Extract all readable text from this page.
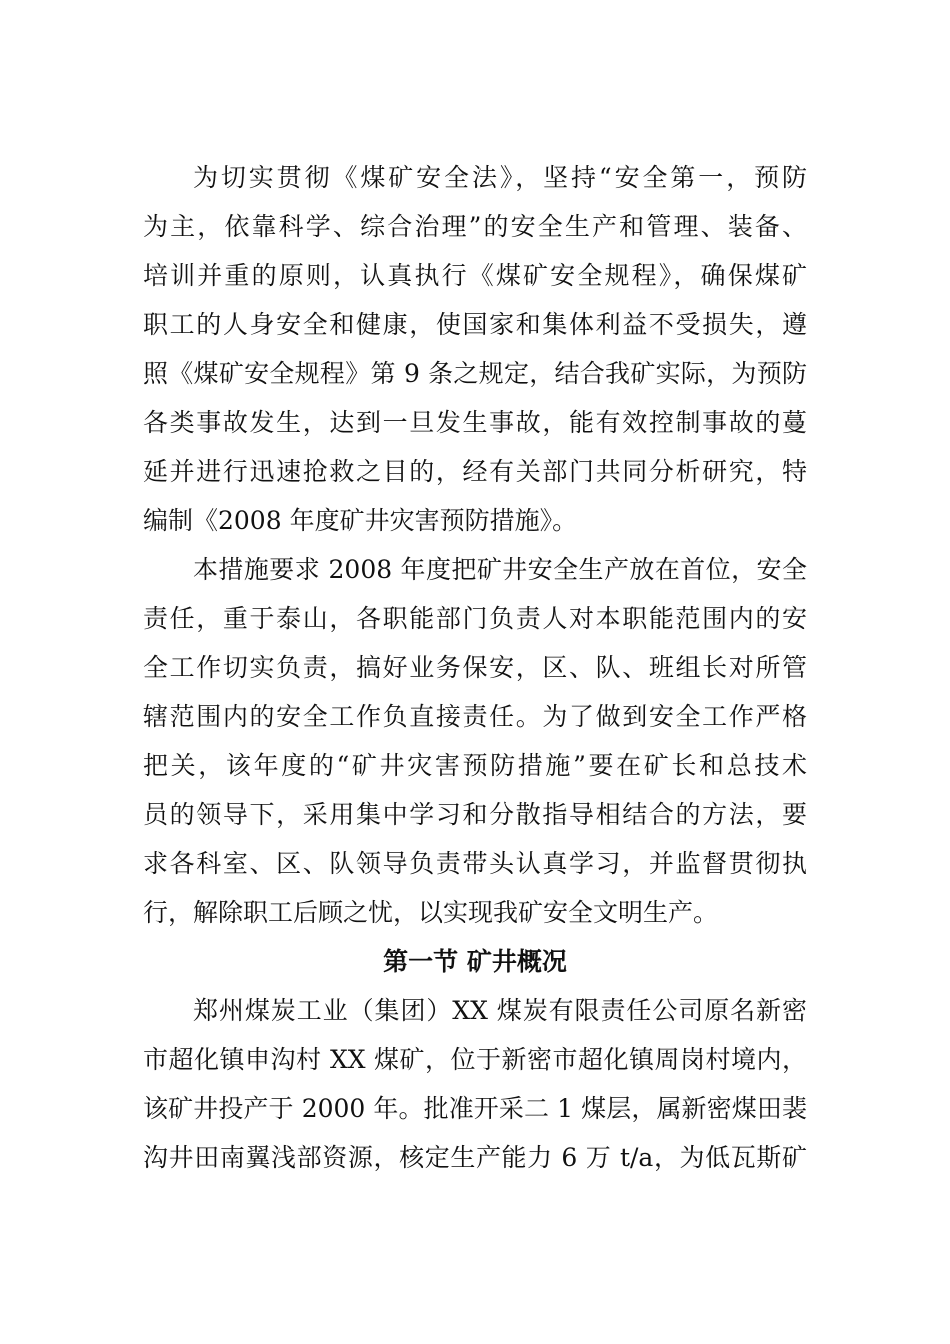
为切实贯彻《煤矿安全法》，坚持“安全第一，预防
为主，依靠科学、综合治理”的安全生产和管理、装备、
培训并重的原则，认真执行《煤矿安全规程》，确保煤矿
职工的人身安全和健康，使国家和集体利益不受损失，遵
照《煤矿安全规程》第 9 条之规定，结合我矿实际，为预防
各类事故发生，达到一旦发生事故，能有效控制事故的蔓
延并进行迅速抢救之目的，经有关部门共同分析研究，特
编制《2008 年度矿井灾害预防措施》。
本措施要求 2008 年度把矿井安全生产放在首位，安全
责任，重于泰山，各职能部门负责人对本职能范围内的安
全工作切实负责，搞好业务保安，区、队、班组长对所管
辖范围内的安全工作负直接责任。为了做到安全工作严格
把关，该年度的“矿井灾害预防措施”要在矿长和总技术
员的领导下，采用集中学习和分散指导相结合的方法，要
求各科室、区、队领导负责带头认真学习，并监督贯彻执
行，解除职工后顾之忧，以实现我矿安全文明生产。
第一节 矿井概况
郑州煤炭工业（集团）XX 煤炭有限责任公司原名新密
市超化镇申沟村 XX 煤矿，位于新密市超化镇周岗村境内，
该矿井投产于 2000 年。批准开采二 1 煤层，属新密煤田裴
沟井田南翼浅部资源，核定生产能力 6 万 t/a，为低瓦斯矿
